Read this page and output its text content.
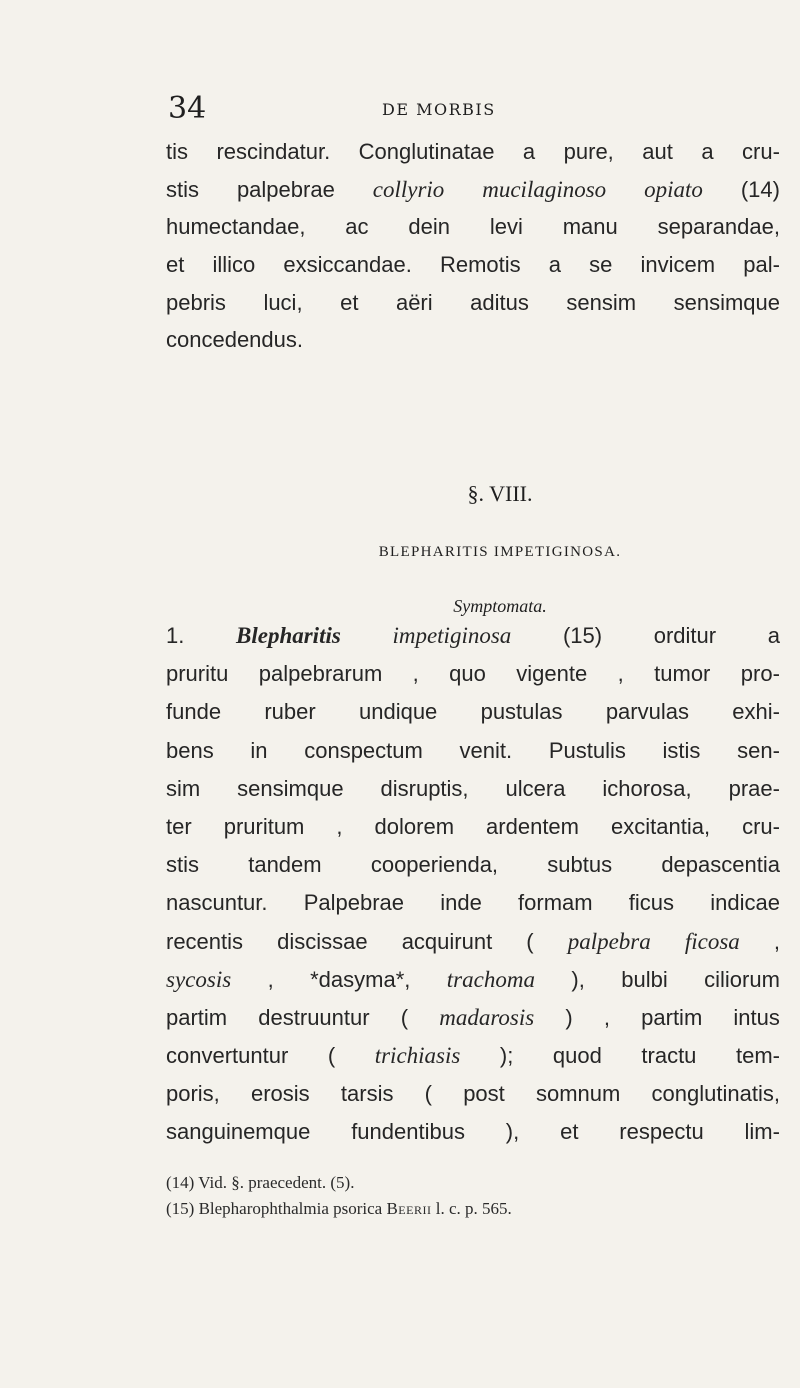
34	DE MORBIS
tis rescindatur. Conglutinatae a pure, aut a cru-
stis palpebrae collyrio mucilaginoso opiato (14)
humectandae, ac dein levi manu separandae,
et illico exsiccandae. Remotis a se invicem pal-
pebris luci, et aëri aditus sensim sensimque
concedendus.
§. VIII.
BLEPHARITIS IMPETIGINOSA.
Symptomata.
1. Blepharitis impetiginosa (15) orditur a
pruritu palpebrarum , quo vigente , tumor pro-
funde ruber undique pustulas parvulas exhi-
bens in conspectum venit. Pustulis istis sen-
sim sensimque disruptis, ulcera ichorosa, prae-
ter pruritum , dolorem ardentem excitantia, cru-
stis tandem cooperienda, subtus depascentia
nascuntur. Palpebrae inde formam ficus indicae
recentis discissae acquirunt ( palpebra ficosa ,
sycosis , *dasyma*, trachoma ), bulbi ciliorum
partim destruuntur ( madarosis ) , partim intus
convertuntur ( trichiasis ); quod tractu tem-
poris, erosis tarsis ( post somnum conglutinatis,
sanguinemque fundentibus ), et respectu lim-
(14) Vid. §. praecedent. (5).
(15) Blepharophthalmia psorica Beerii l. c. p. 565.
